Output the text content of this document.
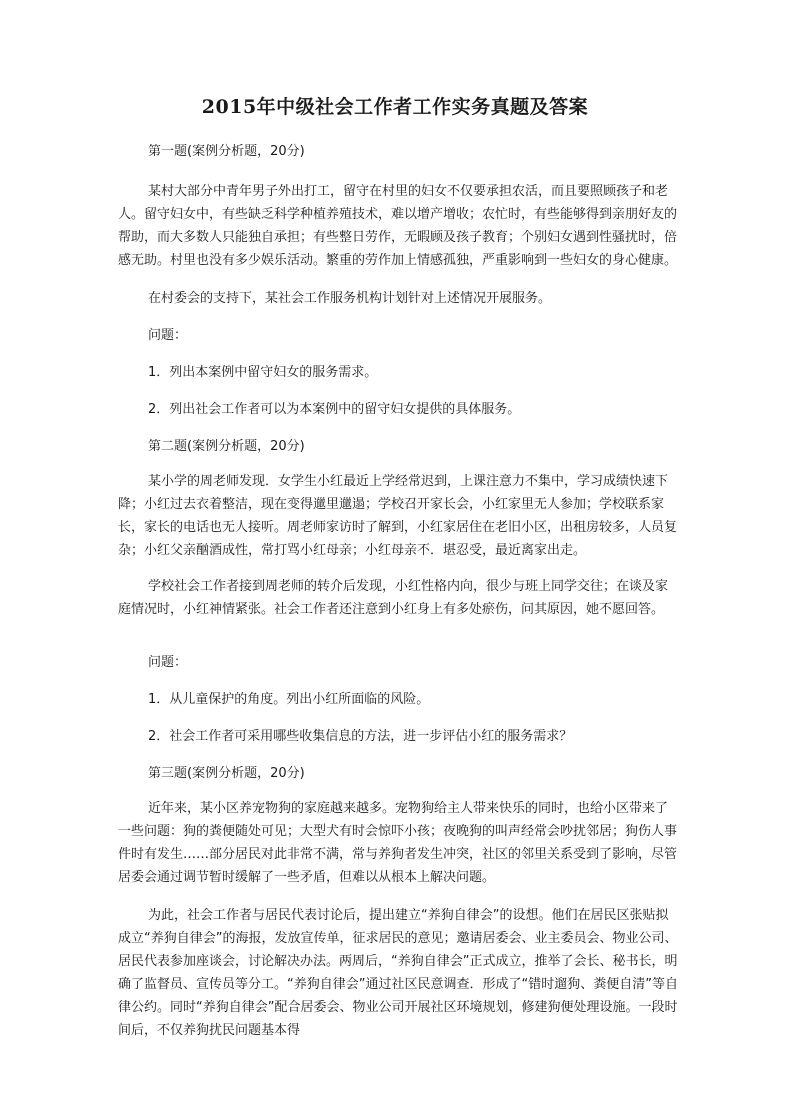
2015年中级社会工作者工作实务真题及答案

第一题(案例分析题，20分)

某村大部分中青年男子外出打工，留守在村里的妇女不仅要承担农活，而且要照顾孩子和老人。留守妇女中，有些缺乏科学种植养殖技术，难以增产增收；农忙时，有些能够得到亲朋好友的帮助，而大多数人只能独自承担；有些整日劳作，无暇顾及孩子教育；个别妇女遇到性骚扰时，倍感无助。村里也没有多少娱乐活动。繁重的劳作加上情感孤独，严重影响到一些妇女的身心健康。

在村委会的支持下，某社会工作服务机构计划针对上述情况开展服务。

问题：

1．列出本案例中留守妇女的服务需求。

2．列出社会工作者可以为本案例中的留守妇女提供的具体服务。

第二题(案例分析题，20分)

某小学的周老师发现．女学生小红最近上学经常迟到，上课注意力不集中，学习成绩快速下降；小红过去衣着整洁，现在变得邋里邋遢；学校召开家长会，小红家里无人参加；学校联系家长，家长的电话也无人接听。周老师家访时了解到，小红家居住在老旧小区，出租房较多，人员复杂；小红父亲酗酒成性，常打骂小红母亲；小红母亲不．堪忍受，最近离家出走。

学校社会工作者接到周老师的转介后发现，小红性格内向，很少与班上同学交往；在谈及家庭情况时，小红神情紧张。社会工作者还注意到小红身上有多处瘀伤，问其原因，她不愿回答。

问题：

1．从儿童保护的角度。列出小红所面临的风险。

2．社会工作者可采用哪些收集信息的方法，进一步评估小红的服务需求？

第三题(案例分析题，20分)

近年来，某小区养宠物狗的家庭越来越多。宠物狗给主人带来快乐的同时，也给小区带来了一些问题：狗的粪便随处可见；大型犬有时会惊吓小孩；夜晚狗的叫声经常会吵扰邻居；狗伤人事件时有发生……部分居民对此非常不满，常与养狗者发生冲突，社区的邻里关系受到了影响，尽管居委会通过调节暂时缓解了一些矛盾，但难以从根本上解决问题。

为此，社会工作者与居民代表讨论后，提出建立“养狗自律会”的设想。他们在居民区张贴拟成立“养狗自律会”的海报，发放宣传单，征求居民的意见；邀请居委会、业主委员会、物业公司、居民代表参加座谈会，讨论解决办法。两周后，“养狗自律会”正式成立，推举了会长、秘书长，明确了监督员、宣传员等分工。“养狗自律会”通过社区民意调查．形成了“错时遛狗、粪便自清”等自律公约。同时“养狗自律会”配合居委会、物业公司开展社区环境规划，修建狗便处理设施。一段时间后，不仅养狗扰民问题基本得
